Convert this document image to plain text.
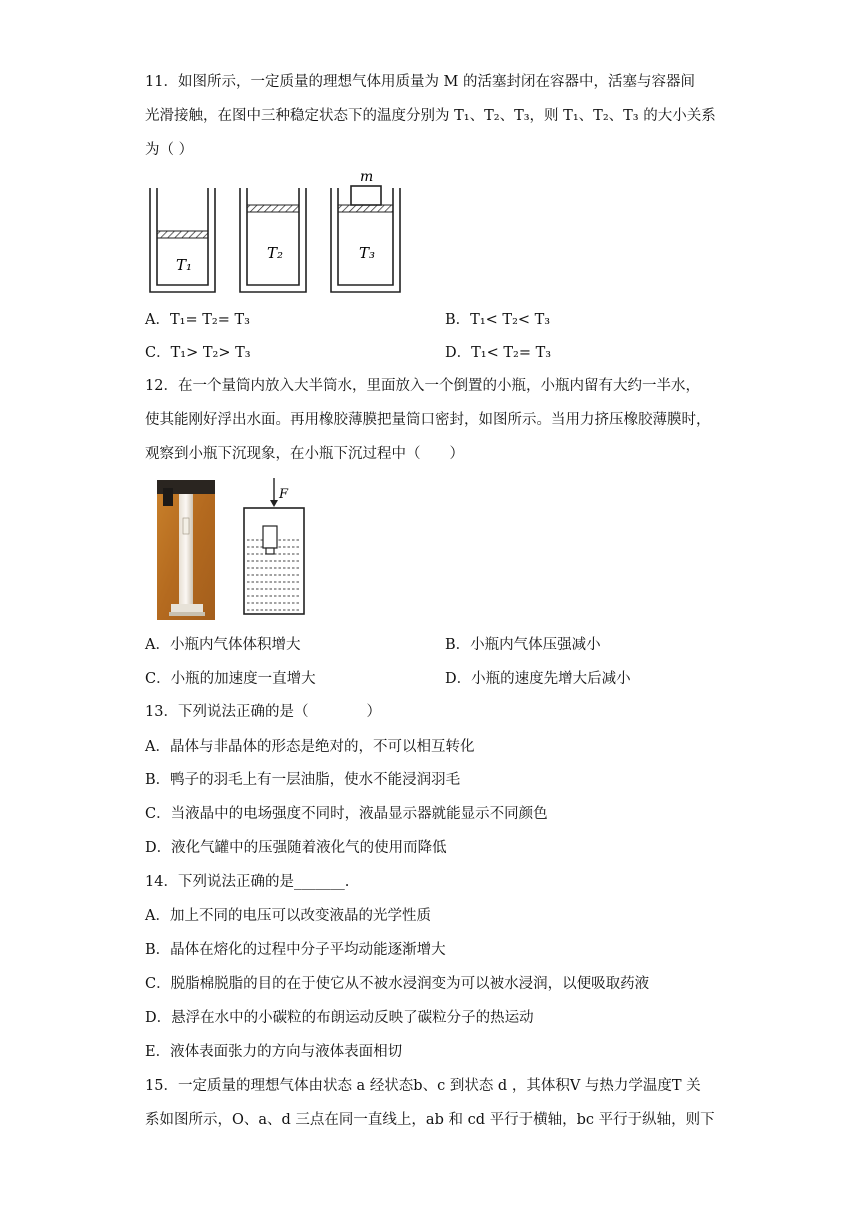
11．如图所示，一定质量的理想气体用质量为 M 的活塞封闭在容器中，活塞与容器间
光滑接触，在图中三种稳定状态下的温度分别为 T₁、T₂、T₃，则 T₁、T₂、T₃ 的大小关系
为（ ）
T₁
T₂
m
T₃
A．T₁= T₂= T₃	B．T₁< T₂< T₃
C．T₁> T₂> T₃	D．T₁< T₂= T₃
12．在一个量筒内放入大半筒水，里面放入一个倒置的小瓶，小瓶内留有大约一半水，
使其能刚好浮出水面。再用橡胶薄膜把量筒口密封，如图所示。当用力挤压橡胶薄膜时，
观察到小瓶下沉现象，在小瓶下沉过程中（　　）
F
A．小瓶内气体体积增大	B．小瓶内气体压强减小
C．小瓶的加速度一直增大	D．小瓶的速度先增大后减小
13．下列说法正确的是（　　　　）
A．晶体与非晶体的形态是绝对的，不可以相互转化
B．鸭子的羽毛上有一层油脂，使水不能浸润羽毛
C．当液晶中的电场强度不同时，液晶显示器就能显示不同颜色
D．液化气罐中的压强随着液化气的使用而降低
14．下列说法正确的是_______.
A．加上不同的电压可以改变液晶的光学性质
B．晶体在熔化的过程中分子平均动能逐渐增大
C．脱脂棉脱脂的目的在于使它从不被水浸润变为可以被水浸润，以便吸取药液
D．悬浮在水中的小碳粒的布朗运动反映了碳粒分子的热运动
E．液体表面张力的方向与液体表面相切
15．一定质量的理想气体由状态 a 经状态b、c 到状态 d ，其体积V 与热力学温度T 关
系如图所示，O、a、d 三点在同一直线上，ab 和 cd 平行于横轴，bc 平行于纵轴，则下
